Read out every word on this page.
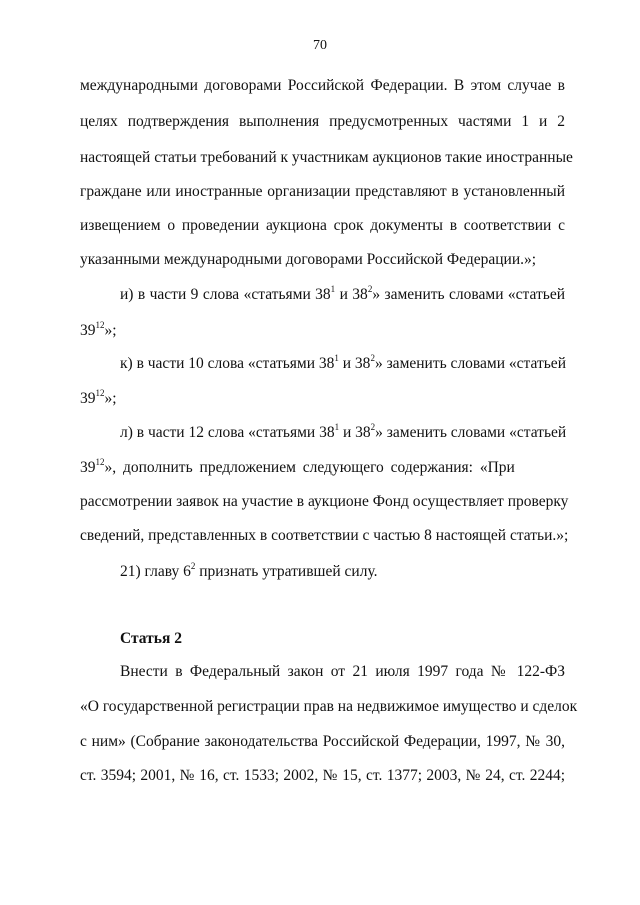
70
международными договорами Российской Федерации. В этом случае в
целях подтверждения выполнения предусмотренных частями 1 и 2
настоящей статьи требований к участникам аукционов такие иностранные
граждане или иностранные организации представляют в установленный
извещением о проведении аукциона срок документы в соответствии с
указанными международными договорами Российской Федерации.»;
и) в части 9 слова «статьями $38^1$ и $38^2$» заменить словами «статьей
$39^{12}$»;
к) в части 10 слова «статьями $38^1$ и $38^2$» заменить словами «статьей
$39^{12}$»;
л) в части 12 слова «статьями $38^1$ и $38^2$» заменить словами «статьей
$39^{12}$», дополнить предложением следующего содержания: «При
рассмотрении заявок на участие в аукционе Фонд осуществляет проверку
сведений, представленных в соответствии с частью 8 настоящей статьи.»;
21) главу $6^2$ признать утратившей силу.
Статья 2
Внести в Федеральный закон от 21 июля 1997 года № 122-ФЗ
«О государственной регистрации прав на недвижимое имущество и сделок
с ним» (Собрание законодательства Российской Федерации, 1997, № 30,
ст. 3594; 2001, № 16, ст. 1533; 2002, № 15, ст. 1377; 2003, № 24, ст. 2244;
